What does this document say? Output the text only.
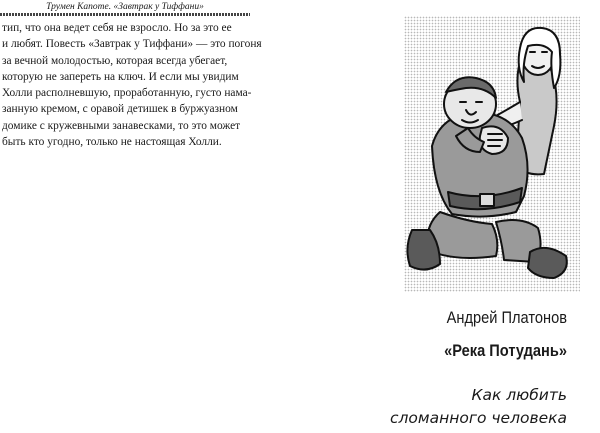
Трумен Капоте. «Завтрак у Тиффани»

тип, что она ведет себя не взросло. Но за это ее
и любят. Повесть «Завтрак у Тиффани» — это погоня
за вечной молодостью, которая всегда убегает,
которую не запереть на ключ. И если мы увидим
Холли располневшую, проработанную, густо нама-
занную кремом, с оравой детишек в буржуазном
домике с кружевными занавесками, то это может
быть кто угодно, только не настоящая Холли.

Андрей Платонов
«Река Потудань»
Как любить
сломанного человека
